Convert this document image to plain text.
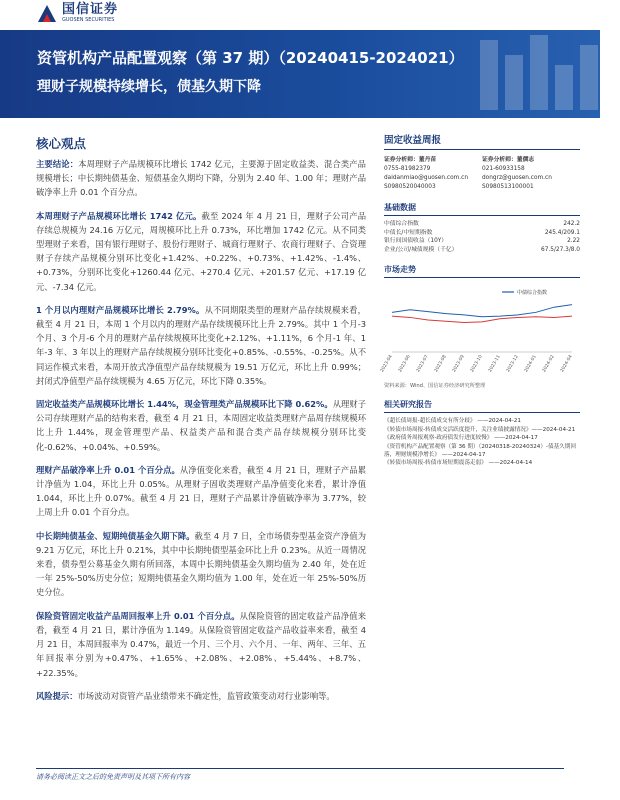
国信证券
GUOSEN SECURITIES
资管机构产品配置观察（第 37 期）（20240415-2024021）
理财子规模持续增长，债基久期下降
核心观点
主要结论：本周理财子产品规模环比增长 1742 亿元，主要源于固定收益类、混合类产品规模增长；中长期纯债基金、短债基金久期均下降，分别为 2.40 年、1.00 年；理财产品破净率上升 0.01 个百分点。
本周理财子产品规模环比增长 1742 亿元。截至 2024 年 4 月 21 日，理财子公司产品存续总规模为 24.16 万亿元，周规模环比上升 0.73%，环比增加 1742 亿元。从不同类型理财子来看，国有银行理财子、股份行理财子、城商行理财子、农商行理财子、合资理财子存续产品规模分别环比变化+1.42%、+0.22%、+0.73%、+1.42%、-1.4%、+0.73%，分别环比变化+1260.44 亿元、+270.4 亿元、+201.57 亿元、+17.19 亿元、-7.34 亿元。
1 个月以内理财产品规模环比增长 2.79%。从不同期限类型的理财产品存续规模来看，截至 4 月 21 日，本周 1 个月以内的理财产品存续规模环比上升 2.79%。其中 1 个月-3 个月、3 个月-6 个月的理财产品存续规模环比变化+2.12%、+1.11%，6 个月-1 年、1 年-3 年、3 年以上的理财产品存续规模分别环比变化+0.85%、-0.55%、-0.25%。从不同运作模式来看，本周开放式净值型产品存续规模为 19.51 万亿元，环比上升 0.99%；封闭式净值型产品存续规模为 4.65 万亿元，环比下降 0.35%。
固定收益类产品规模环比增长 1.44%，现金管理类产品规模环比下降 0.62%。从理财子公司存续理财产品的结构来看，截至 4 月 21 日，本周固定收益类理财产品周存续规模环比上升 1.44%，现金管理型产品、权益类产品和混合类产品存续规模分别环比变化-0.62%、+0.04%、+0.59%。
理财产品破净率上升 0.01 个百分点。从净值变化来看，截至 4 月 21 日，理财子产品累计净值为 1.04，环比上升 0.05%。从理财子固收类理财产品净值变化来看，累计净值 1.044，环比上升 0.07%。截至 4 月 21 日，理财子产品累计净值破净率为 3.77%，较上周上升 0.01 个百分点。
中长期纯债基金、短期纯债基金久期下降。截至 4 月 7 日，全市场债券型基金资产净值为 9.21 万亿元，环比上升 0.21%，其中中长期纯债型基金环比上升 0.23%。从近一周情况来看，债券型公募基金久期有所回落，本周中长期纯债基金久期均值为 2.40 年，处在近一年 25%-50%历史分位；短期纯债基金久期均值为 1.00 年，处在近一年 25%-50%历史分位。
保险资管固定收益产品周回报率上升 0.01 个百分点。从保险资管的固定收益产品净值来看，截至 4 月 21 日，累计净值为 1.149。从保险资管固定收益产品收益率来看，截至 4 月 21 日，本周回报率为 0.47%，最近一个月、三个月、六个月、一年、两年、三年、五年回报率分别为+0.47%、+1.65%、+2.08%、+2.08%、+5.44%、+8.7%、+22.35%。
风险提示：市场波动对资管产品业绩带来不确定性，监管政策变动对行业影响等。
固定收益周报
证券分析师：董丹苗
0755-81982379
daidanmiao@guosen.com.cn
S0980520040003
证券分析师：董儒志
021-60933158
dongrz@guosen.com.cn
S0980513100001
基础数据
中债综合指数	242.2
中债长/中短期指数	245.4/209.1
银行间国债收益（10Y）	2.22
企业/公司/城债规模（千亿）	67.5/27.3/8.0
市场走势
2023-04 2023-06 2023-07 2023-08 2023-09 2023-10 2023-11 2023-12 2024-01 2024-02 2024-04
中债综合指数
资料来源：Wind、国信证券经济研究所整理
相关研究报告
《超长债周报-超长债成交有所分歧》 ——2024-04-21
《转债市场周报-转债成交活跃度提升，关注业绩披露情况》——2024-04-21
《政府债务周报观察-政府债发行进度较慢》 ——2024-04-17
《资管机构产品配置观察（第 36 期）（20240318-20240324）-债基久期回落，理财规模净增长》 ——2024-04-17
《转债市场周报-转债市场短期震荡走弱》 ——2024-04-14
请务必阅读正文之后的免责声明及其项下所有内容
